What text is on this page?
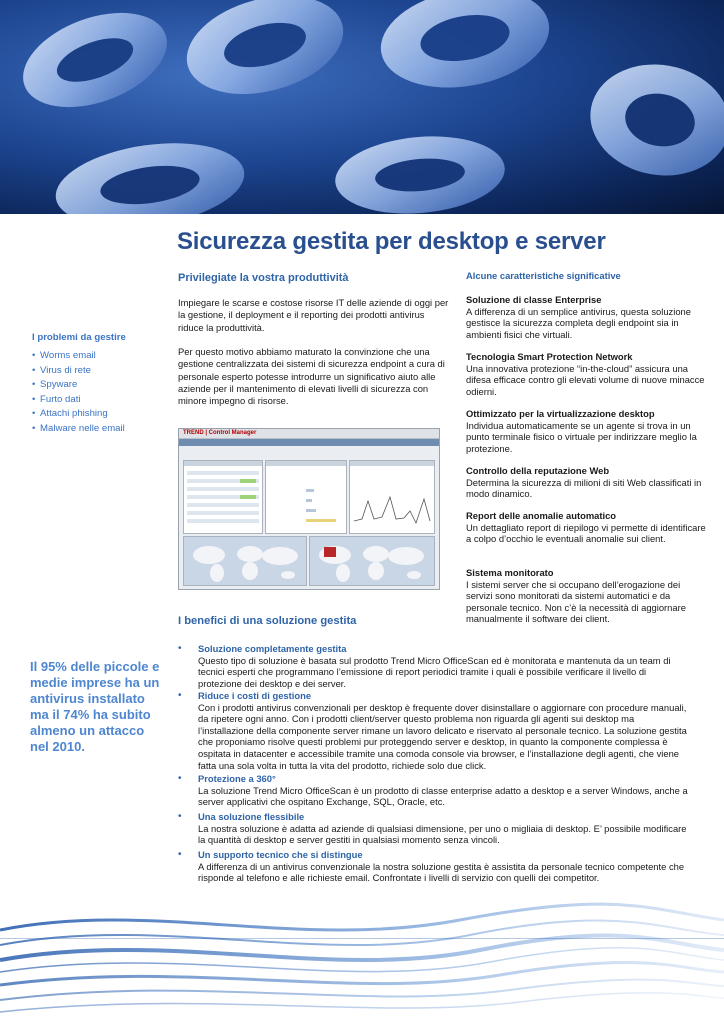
Sicurezza gestita per desktop e server
Privilegiate la vostra produttività

Impiegare le scarse e costose risorse IT delle aziende di oggi per la gestione, il deployment e il reporting dei prodotti antivirus riduce la produttività.

Per questo motivo abbiamo maturato la convinzione che una gestione centralizzata dei sistemi di sicurezza endpoint a cura di personale esperto potesse introdurre un significativo aiuto alle aziende per il mantenimento di elevati livelli di sicurezza con minore impegno di risorse.

I problemi da gestire
• Worms email
• Virus di rete
• Spyware
• Furto dati
• Attachi phishing
• Malware nelle email	TREND | Control Manager
Alcune caratteristiche significative
Soluzione di classe Enterprise
A differenza di un semplice antivirus, questa soluzione gestisce la sicurezza completa degli endpoint sia in ambienti fisici che virtuali.
Tecnologia Smart Protection Network
Una innovativa protezione “in-the-cloud” assicura una difesa efficace contro gli elevati volume di nuove minacce odierni.
Ottimizzato per la virtualizzazione desktop
Individua automaticamente se un agente si trova in un punto terminale fisico o virtuale per indirizzare meglio la protezione.
Controllo della reputazione Web
Determina la sicurezza di milioni di siti Web classificati in modo dinamico.
Report delle anomalie automatico
Un dettagliato report di riepilogo vi permette di identificare a colpo d’occhio le eventuali anomalie sui client.
Sistema monitorato
I sistemi server che si occupano dell’erogazione dei servizi sono monitorati da sistemi automatici e da personale tecnico. Non c’è la necessità di aggiornare manualmente il software dei client.
I benefici di una soluzione gestita
• Soluzione completamente gestita
Questo tipo di soluzione è basata sul prodotto Trend Micro OfficeScan ed è monitorata e mantenuta da un team di tecnici esperti che programmano l’emissione di report periodici tramite i quali è possibile verificare il livello di protezione dei desktop e dei server.
• Riduce i costi di gestione
Con i prodotti antivirus convenzionali per desktop è frequente dover disinstallare o aggiornare con procedure manuali, da ripetere ogni anno. Con i prodotti client/server questo problema non riguarda gli agenti sui desktop ma l’installazione della componente server rimane un lavoro delicato e riservato al personale tecnico. La soluzione gestita che proponiamo risolve questi problemi pur proteggendo server e desktop, in quanto la componente complessa è ospitata in datacenter e accessibile tramite una comoda console via browser, e l’installazione degli agenti, che viene fatta una sola volta in tutta la vita del prodotto, richiede solo due click.
• Protezione a 360°
La soluzione Trend Micro OfficeScan è un prodotto di classe enterprise adatto a desktop e a server Windows, anche a server applicativi che ospitano Exchange, SQL, Oracle, etc.
• Una soluzione flessibile
La nostra soluzione è adatta ad aziende di qualsiasi dimensione, per uno o migliaia di desktop. E’ possibile modificare la quantità di desktop e server gestiti in qualsiasi momento senza vincoli.
• Un supporto tecnico che si distingue
A differenza di un antivirus convenzionale la nostra soluzione gestita è assistita da personale tecnico competente che risponde al telefono e alle richieste email. Confrontate i livelli di servizio con quelli dei competitor.
Il 95% delle piccole e medie imprese ha un antivirus installato ma il 74% ha subito almeno un attacco nel 2010.
